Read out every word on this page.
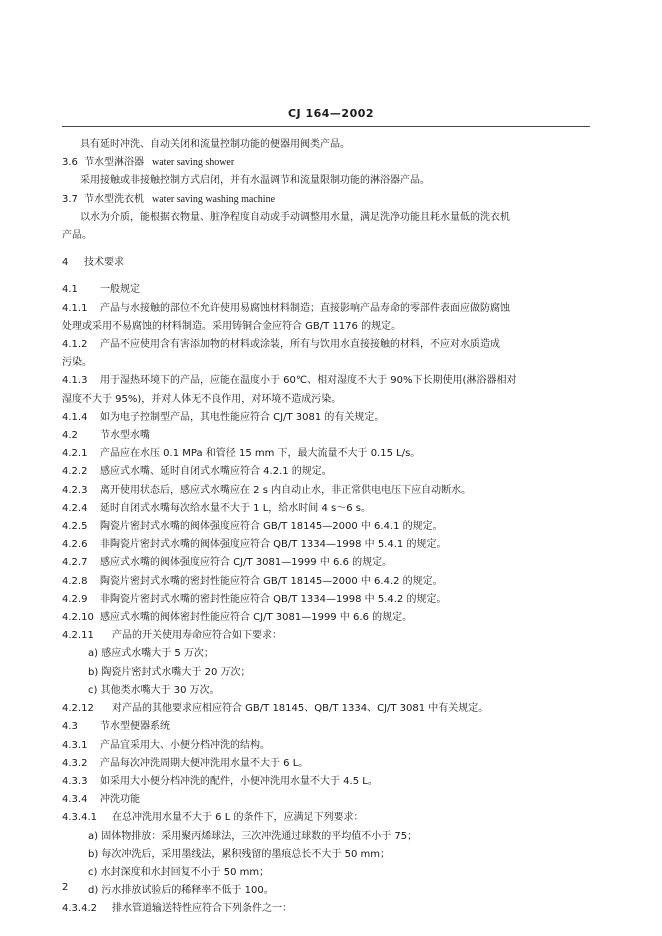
CJ 164—2002
具有延时冲洗、自动关闭和流量控制功能的便器用阀类产品。
3.6 节水型淋浴器 water saving shower
采用接触或非接触控制方式启闭，并有水温调节和流量限制功能的淋浴器产品。
3.7 节水型洗衣机 water saving washing machine
以水为介质，能根据衣物量、脏净程度自动或手动调整用水量，满足洗净功能且耗水量低的洗衣机
产品。
4 技术要求
4.1 一般规定
4.1.1 产品与水接触的部位不允许使用易腐蚀材料制造；直接影响产品寿命的零部件表面应做防腐蚀
处理或采用不易腐蚀的材料制造。采用铸铜合金应符合 GB/T 1176 的规定。
4.1.2 产品不应使用含有害添加物的材料或涂装，所有与饮用水直接接触的材料，不应对水质造成
污染。
4.1.3 用于湿热环境下的产品，应能在温度小于 60℃、相对湿度不大于 90%下长期使用(淋浴器相对
湿度不大于 95%)，并对人体无不良作用，对环境不造成污染。
4.1.4 如为电子控制型产品，其电性能应符合 CJ/T 3081 的有关规定。
4.2 节水型水嘴
4.2.1 产品应在水压 0.1 MPa 和管径 15 mm 下，最大流量不大于 0.15 L/s。
4.2.2 感应式水嘴、延时自闭式水嘴应符合 4.2.1 的规定。
4.2.3 离开使用状态后，感应式水嘴应在 2 s 内自动止水，非正常供电电压下应自动断水。
4.2.4 延时自闭式水嘴每次给水量不大于 1 L，给水时间 4 s～6 s。
4.2.5 陶瓷片密封式水嘴的阀体强度应符合 GB/T 18145—2000 中 6.4.1 的规定。
4.2.6 非陶瓷片密封式水嘴的阀体强度应符合 QB/T 1334—1998 中 5.4.1 的规定。
4.2.7 感应式水嘴的阀体强度应符合 CJ/T 3081—1999 中 6.6 的规定。
4.2.8 陶瓷片密封式水嘴的密封性能应符合 GB/T 18145—2000 中 6.4.2 的规定。
4.2.9 非陶瓷片密封式水嘴的密封性能应符合 QB/T 1334—1998 中 5.4.2 的规定。
4.2.10 感应式水嘴的阀体密封性能应符合 CJ/T 3081—1999 中 6.6 的规定。
4.2.11 产品的开关使用寿命应符合如下要求：
a) 感应式水嘴大于 5 万次；
b) 陶瓷片密封式水嘴大于 20 万次；
c) 其他类水嘴大于 30 万次。
4.2.12 对产品的其他要求应相应符合 GB/T 18145、QB/T 1334、CJ/T 3081 中有关规定。
4.3 节水型便器系统
4.3.1 产品宜采用大、小便分档冲洗的结构。
4.3.2 产品每次冲洗周期大便冲洗用水量不大于 6 L。
4.3.3 如采用大小便分档冲洗的配件，小便冲洗用水量不大于 4.5 L。
4.3.4 冲洗功能
4.3.4.1 在总冲洗用水量不大于 6 L 的条件下，应满足下列要求：
a) 固体物排放：采用聚丙烯球法，三次冲洗通过球数的平均值不小于 75；
b) 每次冲洗后，采用墨线法，累积残留的墨痕总长不大于 50 mm；
c) 水封深度和水封回复不小于 50 mm；
d) 污水排放试验后的稀释率不低于 100。
4.3.4.2 排水管道输送特性应符合下列条件之一：
2
